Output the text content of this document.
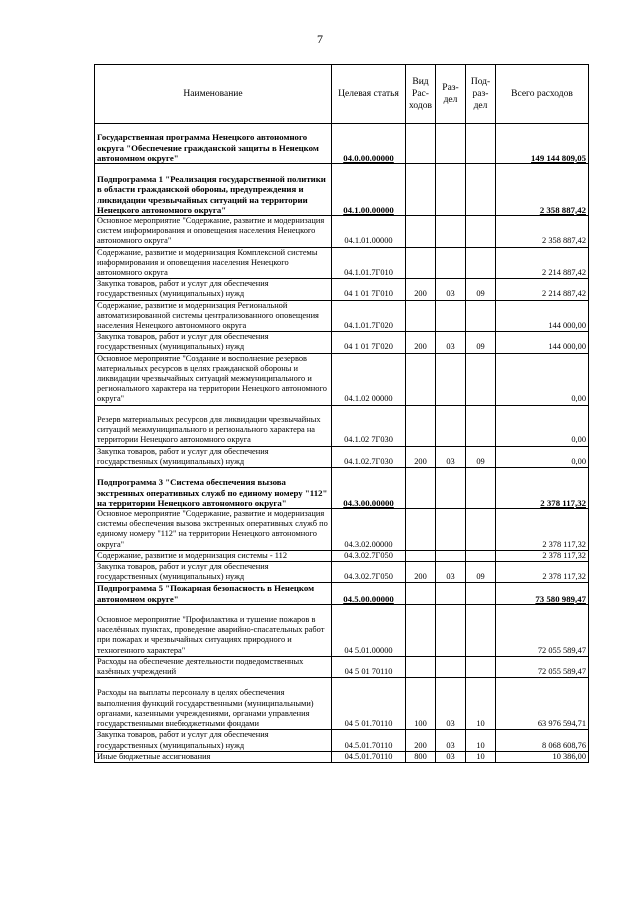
7
Наименование	Целевая статья	Вид Рас- ходов	Раз- дел	Под- раз- дел	Всего расходов
Государственная программа Ненецкого автономного округа "Обеспечение гражданской защиты в Ненецком автономном округе"	04.0.00.00000				149 144 809,05
Подпрограмма 1 "Реализация государственной политики в области гражданской обороны, предупреждения и ликвидации чрезвычайных ситуаций на территории Ненецкого автономного округа"	04.1.00.00000				2 358 887,42
Основное мероприятие "Содержание, развитие и модернизация систем информирования и оповещения населения Ненецкого автономного округа"	04.1.01.00000				2 358 887,42
Содержание, развитие и модернизация Комплексной системы информирования и оповещения населения Ненецкого автономного округа	04.1.01.7Г010				2 214 887,42
Закупка товаров, работ и услуг для обеспечения государственных (муниципальных) нужд	04 1 01 7Г010	200	03	09	2 214 887,42
Содержание, развитие и модернизация Региональной автоматизированной системы централизованного оповещения населения Ненецкого автономного округа	04.1.01.7Г020				144 000,00
Закупка товаров, работ и услуг для обеспечения государственных (муниципальных) нужд	04 1 01 7Г020	200	03	09	144 000,00
Основное мероприятие "Создание и восполнение резервов материальных ресурсов в целях гражданской обороны и ликвидации чрезвычайных ситуаций межмуниципального и регионального характера на территории Ненецкого автономного округа"	04.1.02 00000				0,00
Резерв материальных ресурсов для ликвидации чрезвычайных ситуаций межмуниципального и регионального характера на территории Ненецкого автономного округа	04.1.02 7Г030				0,00
Закупка товаров, работ и услуг для обеспечения государственных (муниципальных) нужд	04.1.02.7Г030	200	03	09	0,00
Подпрограмма 3 "Система обеспечения вызова экстренных оперативных служб по единому номеру "112" на территории Ненецкого автономного округа"	04.3.00.00000				2 378 117,32
Основное мероприятие "Содержание, развитие и модернизация системы обеспечения вызова экстренных оперативных служб по единому номеру "112" на территории Ненецкого автономного округа"	04.3.02.00000				2 378 117,32
Содержание, развитие и модернизация системы - 112	04.3.02.7Г050				2 378 117,32
Закупка товаров, работ и услуг для обеспечения государственных (муниципальных) нужд	04.3.02.7Г050	200	03	09	2 378 117,32
Подпрограмма 5 "Пожарная безопасность в Ненецком автономном округе"	04.5.00.00000				73 580 989,47
Основное мероприятие "Профилактика и тушение пожаров в населённых пунктах, проведение аварийно-спасательных работ при пожарах и чрезвычайных ситуациях природного и техногенного характера"	04 5.01.00000				72 055 589,47
Расходы на обеспечение деятельности подведомственных казённых учреждений	04 5 01 70110				72 055 589,47
Расходы на выплаты персоналу в целях обеспечения выполнения функций государственными (муниципальными) органами, казенными учреждениями, органами управления государственными внебюджетными фондами	04 5 01.70110	100	03	10	63 976 594,71
Закупка товаров, работ и услуг для обеспечения государственных (муниципальных) нужд	04.5.01.70110	200	03	10	8 068 608,76
Иные бюджетные ассигнования	04.5.01.70110	800	03	10	10 386,00
